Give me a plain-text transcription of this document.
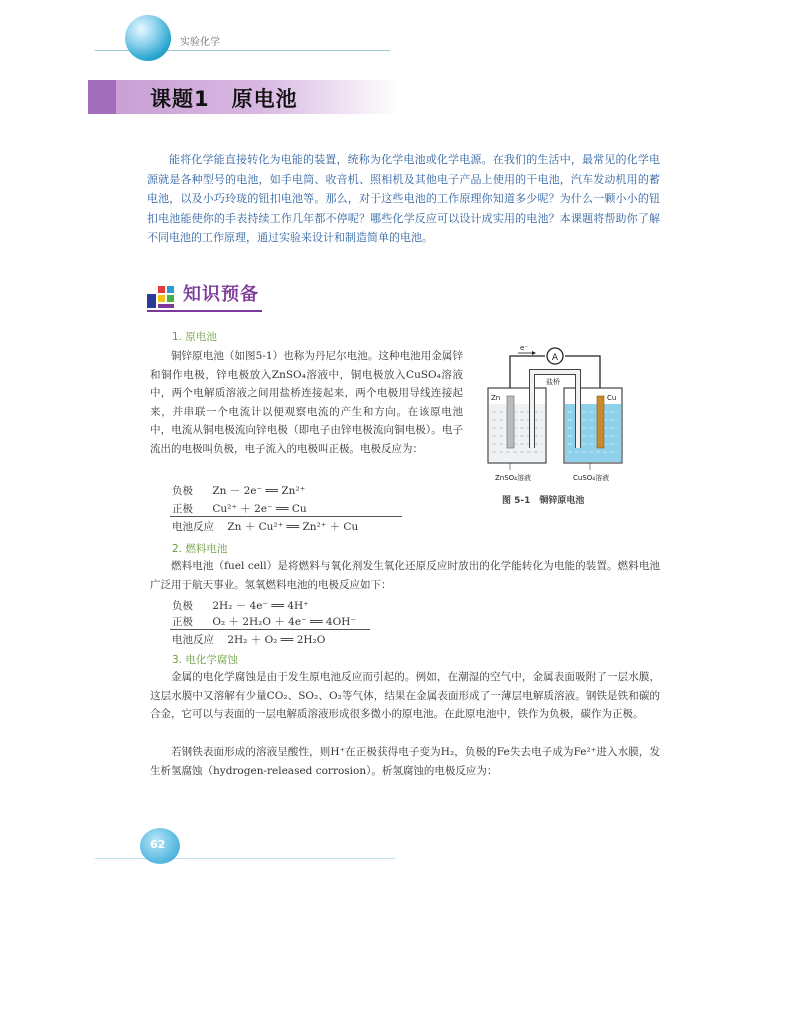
实验化学
课题1　原电池
能将化学能直接转化为电能的装置，统称为化学电池或化学电源。在我们的生活中，最常见的化学电源就是各种型号的电池，如手电筒、收音机、照相机及其他电子产品上使用的干电池，汽车发动机用的蓄电池，以及小巧玲珑的钮扣电池等。那么，对于这些电池的工作原理你知道多少呢？为什么一颗小小的钮扣电池能使你的手表持续工作几年都不停呢？哪些化学反应可以设计成实用的电池？本课题将帮助你了解不同电池的工作原理，通过实验来设计和制造简单的电池。
知识预备
1. 原电池
铜锌原电池（如图5-1）也称为丹尼尔电池。这种电池用金属锌和铜作电极，锌电极放入ZnSO₄溶液中，铜电极放入CuSO₄溶液中，两个电解质溶液之间用盐桥连接起来，两个电极用导线连接起来，并串联一个电流计以便观察电流的产生和方向。在该原电池中，电流从铜电极流向锌电极（即电子由锌电极流向铜电极）。电子流出的电极叫负极，电子流入的电极叫正极。电极反应为：
负极 Zn － 2e⁻ ══ Zn²⁺
正极 Cu²⁺ ＋ 2e⁻ ══ Cu
电池反应 Zn ＋ Cu²⁺ ══ Zn²⁺ ＋ Cu
A
e⁻
Zn	Cu
盐桥
ZnSO₄溶液	CuSO₄溶液
图 5-1　铜锌原电池
2. 燃料电池
燃料电池（fuel cell）是将燃料与氧化剂发生氧化还原反应时放出的化学能转化为电能的装置。燃料电池广泛用于航天事业。氢氧燃料电池的电极反应如下：
负极 2H₂ － 4e⁻ ══ 4H⁺
正极 O₂ ＋ 2H₂O ＋ 4e⁻ ══ 4OH⁻
电池反应 2H₂ ＋ O₂ ══ 2H₂O
3. 电化学腐蚀
金属的电化学腐蚀是由于发生原电池反应而引起的。例如，在潮湿的空气中，金属表面吸附了一层水膜，这层水膜中又溶解有少量CO₂、SO₂、O₂等气体，结果在金属表面形成了一薄层电解质溶液。钢铁是铁和碳的合金，它可以与表面的一层电解质溶液形成很多微小的原电池。在此原电池中，铁作为负极，碳作为正极。
若钢铁表面形成的溶液呈酸性，则H⁺在正极获得电子变为H₂，负极的Fe失去电子成为Fe²⁺进入水膜，发生析氢腐蚀（hydrogen-released corrosion）。析氢腐蚀的电极反应为：
62
